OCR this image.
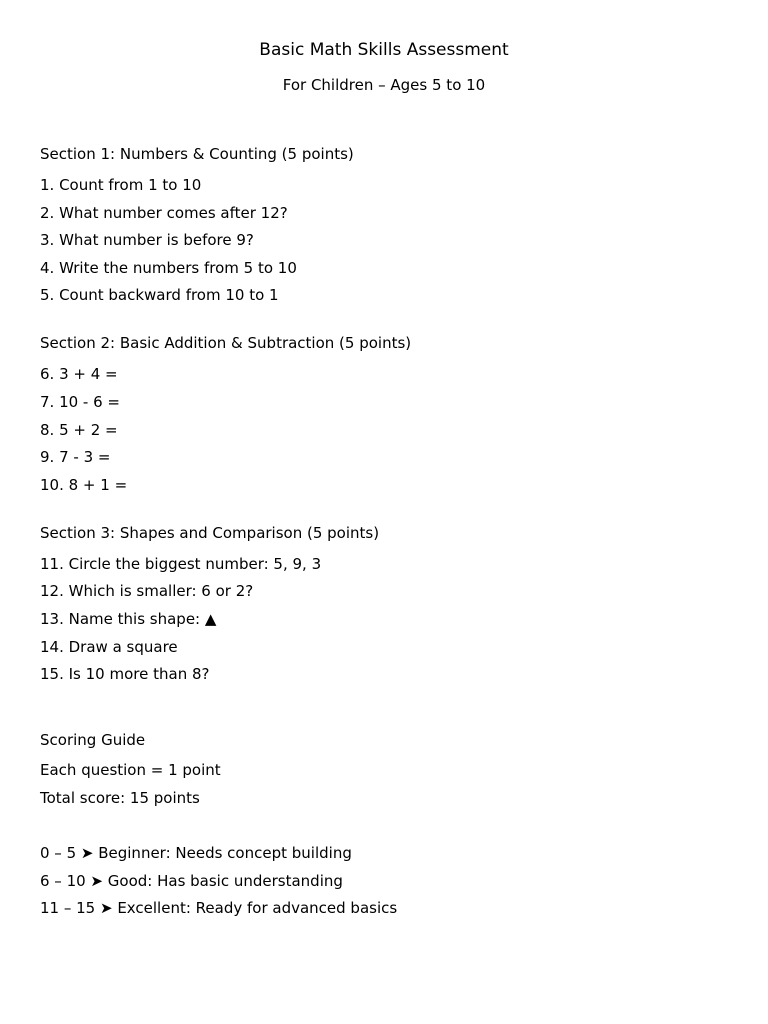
Basic Math Skills Assessment
For Children – Ages 5 to 10
Section 1: Numbers & Counting (5 points)
1. Count from 1 to 10
2. What number comes after 12?
3. What number is before 9?
4. Write the numbers from 5 to 10
5. Count backward from 10 to 1
Section 2: Basic Addition & Subtraction (5 points)
6. 3 + 4 =
7. 10 - 6 =
8. 5 + 2 =
9. 7 - 3 =
10. 8 + 1 =
Section 3: Shapes and Comparison (5 points)
11. Circle the biggest number: 5, 9, 3
12. Which is smaller: 6 or 2?
13. Name this shape: ▲
14. Draw a square
15. Is 10 more than 8?
Scoring Guide
Each question = 1 point
Total score: 15 points
0 – 5 ➤ Beginner: Needs concept building
6 – 10 ➤ Good: Has basic understanding
11 – 15 ➤ Excellent: Ready for advanced basics
